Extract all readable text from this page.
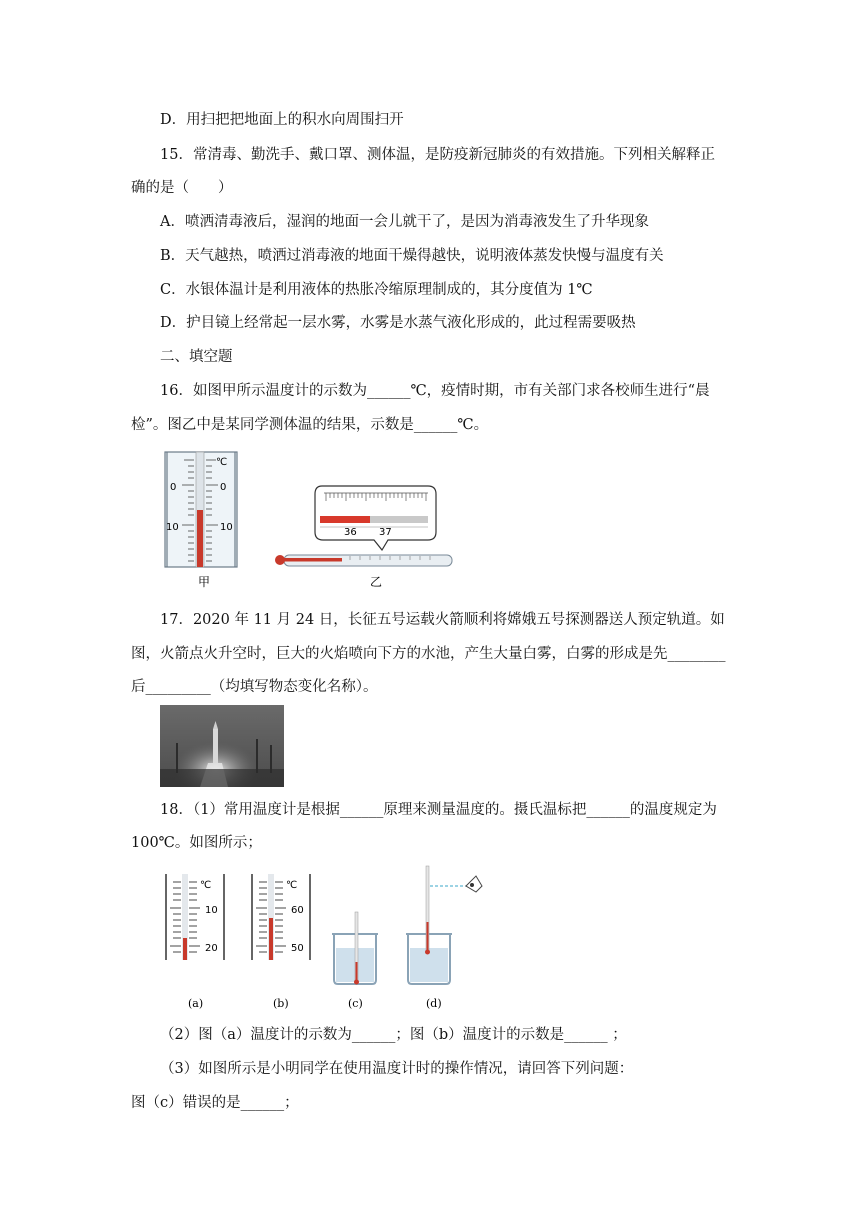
D．用扫把把地面上的积水向周围扫开
15．常清毒、勤洗手、戴口罩、测体温，是防疫新冠肺炎的有效措施。下列相关解释正
确的是（　　）
A．喷洒清毒液后，湿润的地面一会儿就干了，是因为消毒液发生了升华现象
B．天气越热，喷洒过消毒液的地面干燥得越快，说明液体蒸发快慢与温度有关
C．水银体温计是利用液体的热胀冷缩原理制成的，其分度值为 1℃
D．护目镜上经常起一层水雾，水雾是水蒸气液化形成的，此过程需要吸热
二、填空题
16．如图甲所示温度计的示数为______℃，疫情时期，市有关部门求各校师生进行“晨
检”。图乙中是某同学测体温的结果，示数是______℃。
℃
0	0
10	10
甲
36 37
乙
17．2020 年 11 月 24 日，长征五号运载火箭顺利将嫦娥五号探测器送人预定轨道。如
图，火箭点火升空时，巨大的火焰喷向下方的水池，产生大量白雾，白雾的形成是先________
后_________（均填写物态变化名称）。
18．（1）常用温度计是根据______原理来测量温度的。摄氏温标把______的温度规定为
100℃。如图所示；
℃
10
20
℃
60
50
(a)	(b)	(c)	(d)
（2）图（a）温度计的示数为______；图（b）温度计的示数是______ ；
（3）如图所示是小明同学在使用温度计时的操作情况，请回答下列问题：
图（c）错误的是______；
